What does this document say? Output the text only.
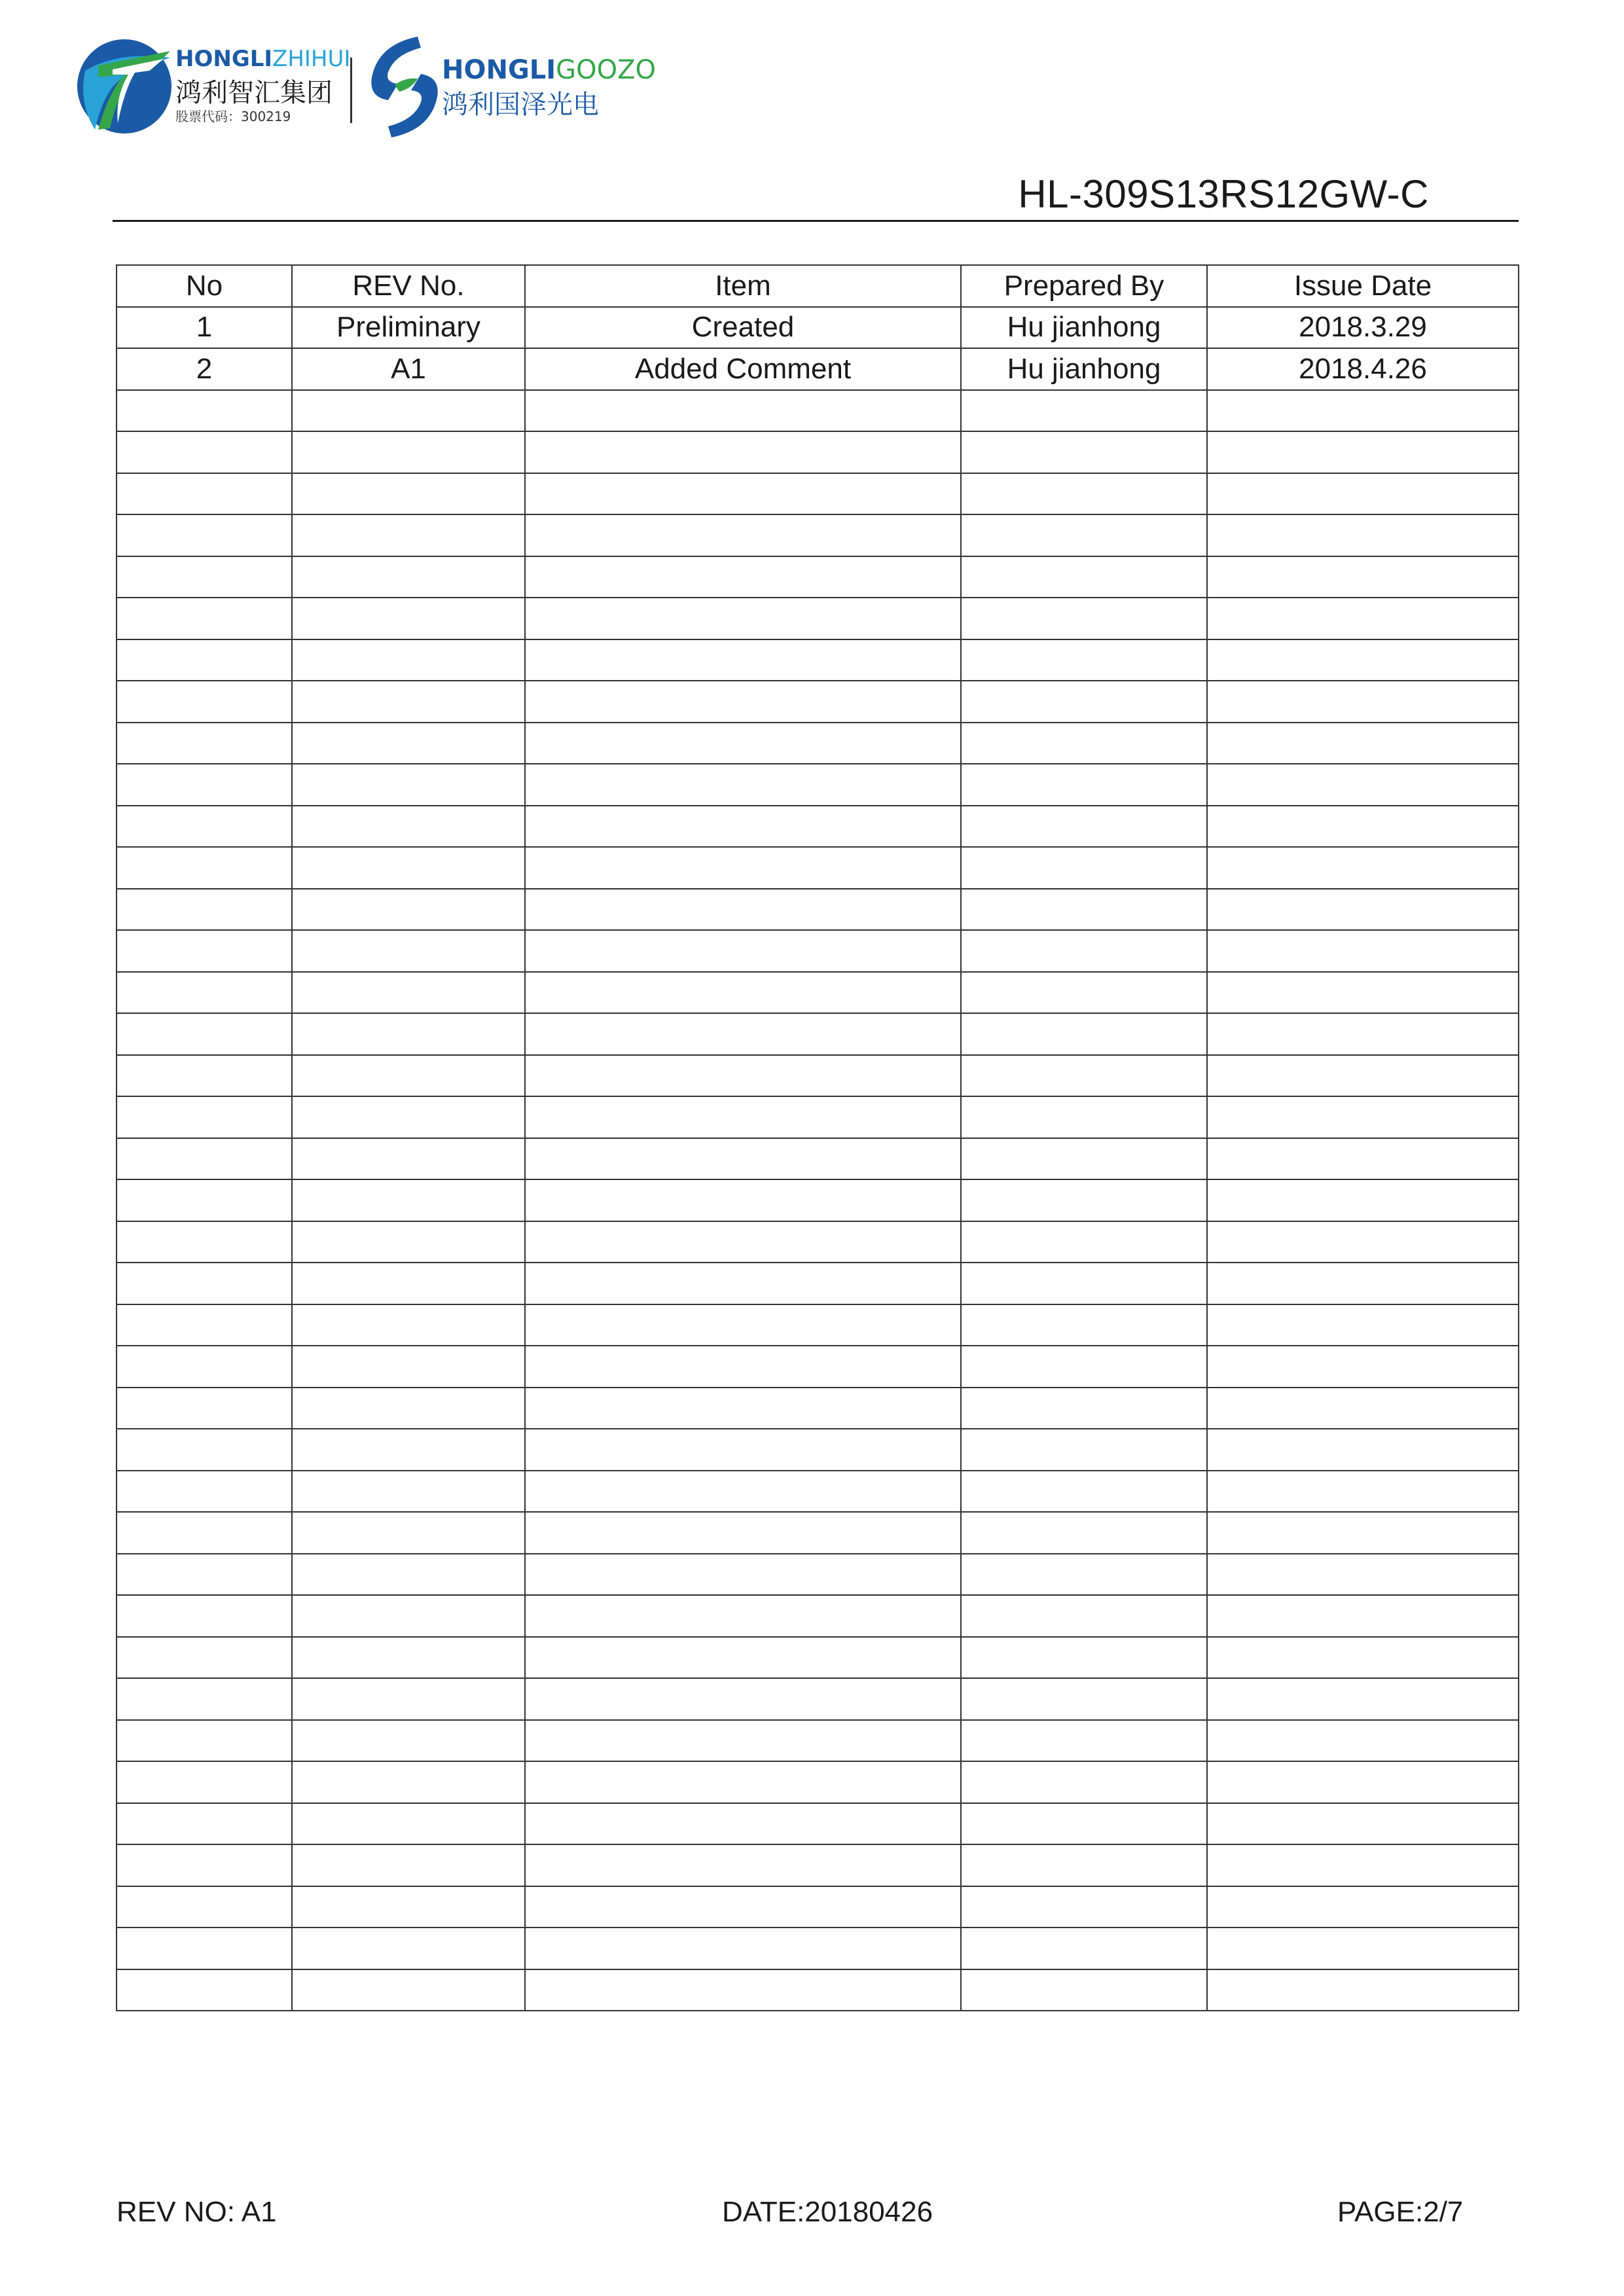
HONGLIZHIHUI
鸿利智汇集团
股票代码：300219
HONGLIGOOZO
鸿利国泽光电
HL-309S13RS12GW-C
No	REV No.	Item	Prepared By	Issue Date
1	Preliminary	Created	Hu jianhong	2018.3.29
2	A1	Added Comment	Hu jianhong	2018.4.26

REV NO: A1	DATE:20180426	PAGE:2/7
